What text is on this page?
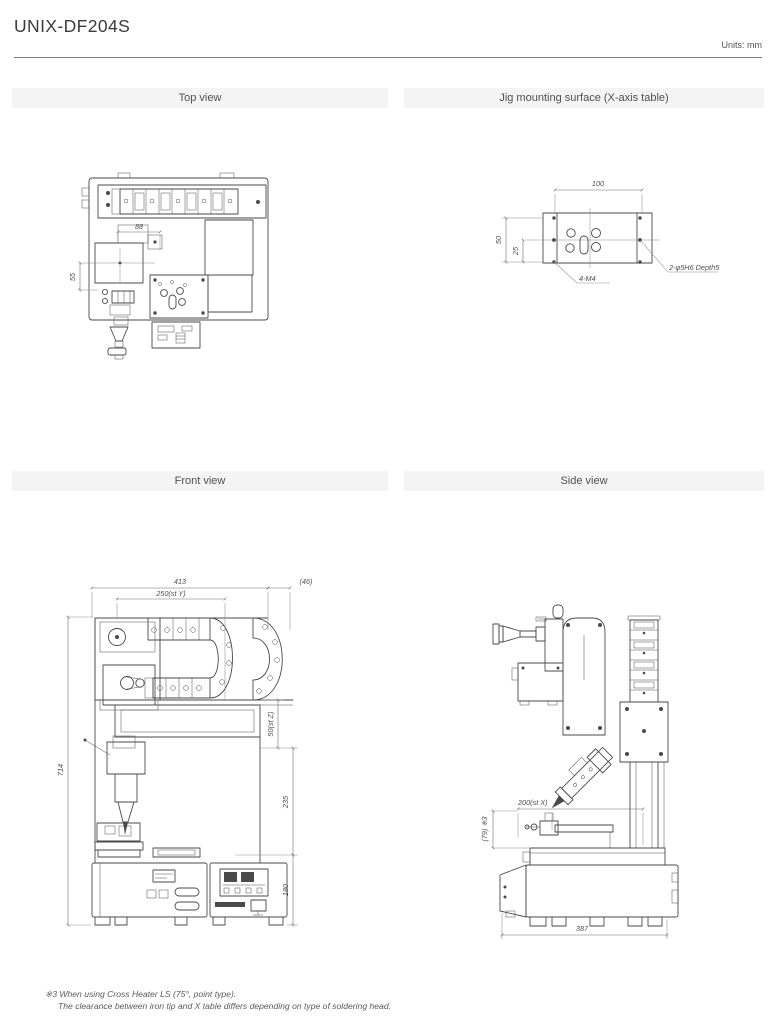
UNIX-DF204S
Units: mm
Top view	Jig mounting surface (X-axis table)
Front view	Side view
88
55
100
50
25
4-M4
2-φ5H6 Depth5
413	(46)
250(st Y)
714
50(st Z)
235
180
200(st X)
(79) ※3
387
※3 When using Cross Heater LS (75°, point type).
The clearance between iron tip and X table differs depending on type of soldering head.
